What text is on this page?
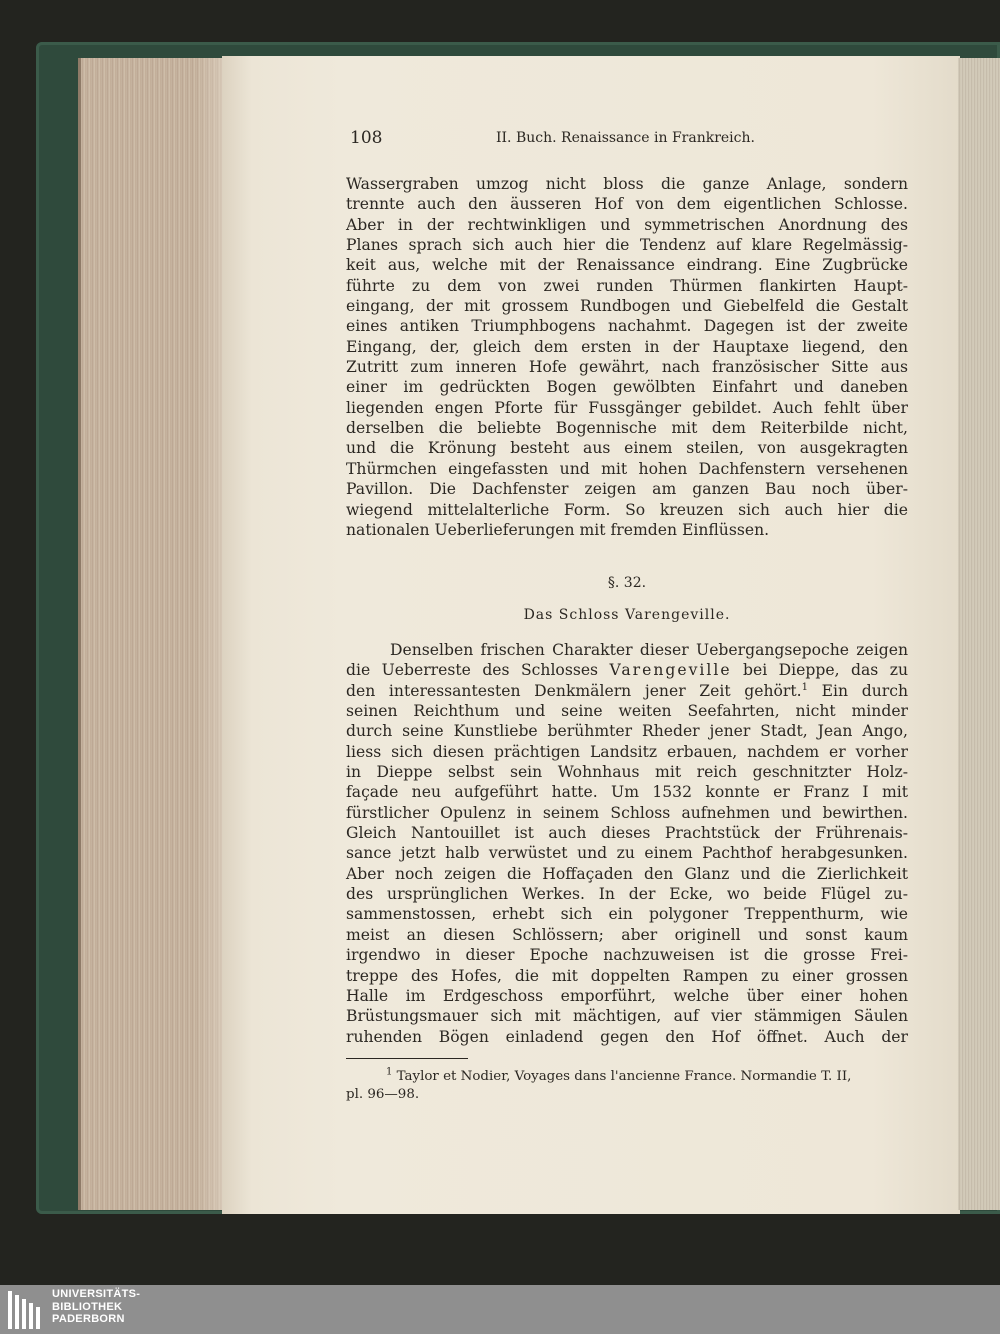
108	II. Buch. Renaissance in Frankreich.
Wassergraben umzog nicht bloss die ganze Anlage, sondern
trennte auch den äusseren Hof von dem eigentlichen Schlosse.
Aber in der rechtwinkligen und symmetrischen Anordnung des
Planes sprach sich auch hier die Tendenz auf klare Regelmässig-
keit aus, welche mit der Renaissance eindrang. Eine Zugbrücke
führte zu dem von zwei runden Thürmen flankirten Haupt-
eingang, der mit grossem Rundbogen und Giebelfeld die Gestalt
eines antiken Triumphbogens nachahmt. Dagegen ist der zweite
Eingang, der, gleich dem ersten in der Hauptaxe liegend, den
Zutritt zum inneren Hofe gewährt, nach französischer Sitte aus
einer im gedrückten Bogen gewölbten Einfahrt und daneben
liegenden engen Pforte für Fussgänger gebildet. Auch fehlt über
derselben die beliebte Bogennische mit dem Reiterbilde nicht,
und die Krönung besteht aus einem steilen, von ausgekragten
Thürmchen eingefassten und mit hohen Dachfenstern versehenen
Pavillon. Die Dachfenster zeigen am ganzen Bau noch über-
wiegend mittelalterliche Form. So kreuzen sich auch hier die
nationalen Ueberlieferungen mit fremden Einflüssen.
§. 32.
Das Schloss Varengeville.
Denselben frischen Charakter dieser Uebergangsepoche zeigen
die Ueberreste des Schlosses Varengeville bei Dieppe, das zu
den interessantesten Denkmälern jener Zeit gehört.$^1$ Ein durch
seinen Reichthum und seine weiten Seefahrten, nicht minder
durch seine Kunstliebe berühmter Rheder jener Stadt, Jean Ango,
liess sich diesen prächtigen Landsitz erbauen, nachdem er vorher
in Dieppe selbst sein Wohnhaus mit reich geschnitzter Holz-
façade neu aufgeführt hatte. Um 1532 konnte er Franz I mit
fürstlicher Opulenz in seinem Schloss aufnehmen und bewirthen.
Gleich Nantouillet ist auch dieses Prachtstück der Frührenais-
sance jetzt halb verwüstet und zu einem Pachthof herabgesunken.
Aber noch zeigen die Hoffaçaden den Glanz und die Zierlichkeit
des ursprünglichen Werkes. In der Ecke, wo beide Flügel zu-
sammenstossen, erhebt sich ein polygoner Treppenthurm, wie
meist an diesen Schlössern; aber originell und sonst kaum
irgendwo in dieser Epoche nachzuweisen ist die grosse Frei-
treppe des Hofes, die mit doppelten Rampen zu einer grossen
Halle im Erdgeschoss emporführt, welche über einer hohen
Brüstungsmauer sich mit mächtigen, auf vier stämmigen Säulen
ruhenden Bögen einladend gegen den Hof öffnet. Auch der
$^1$ Taylor et Nodier, Voyages dans l'ancienne France. Normandie T. II,
pl. 96—98.
UNIVERSITÄTS-
BIBLIOTHEK
PADERBORN
